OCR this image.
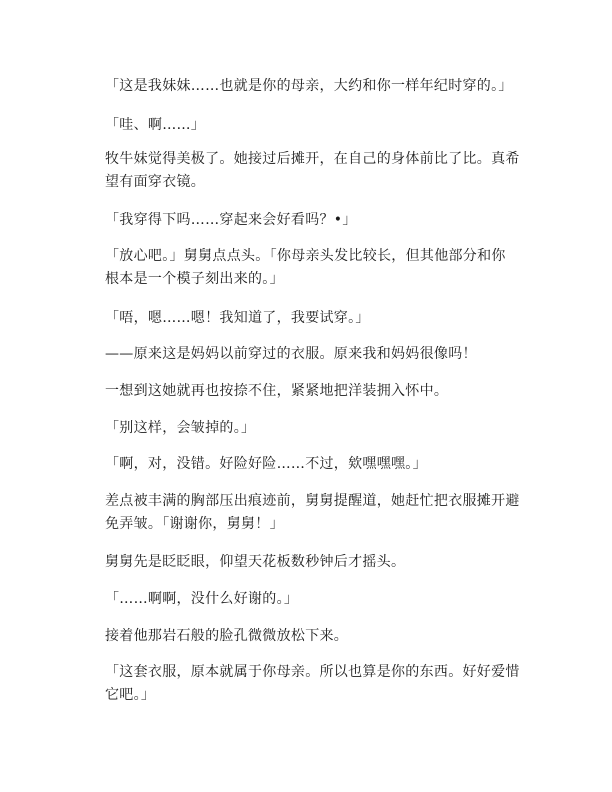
「这是我妹妹……也就是你的母亲，大约和你一样年纪时穿的。」
「哇、啊……」
牧牛妹觉得美极了。她接过后摊开，在自己的身体前比了比。真希
望有面穿衣镜。
「我穿得下吗……穿起来会好看吗？•」
「放心吧。」舅舅点点头。「你母亲头发比较长，但其他部分和你
根本是一个模子刻出来的。」
「唔，嗯……嗯！我知道了，我要试穿。」
——原来这是妈妈以前穿过的衣服。原来我和妈妈很像吗！
一想到这她就再也按捺不住，紧紧地把洋装拥入怀中。
「别这样，会皱掉的。」
「啊，对，没错。好险好险……不过，欸嘿嘿嘿。」
差点被丰满的胸部压出痕迹前，舅舅提醒道，她赶忙把衣服摊开避
免弄皱。「谢谢你，舅舅！」
舅舅先是眨眨眼，仰望天花板数秒钟后才摇头。
「……啊啊，没什么好谢的。」
接着他那岩石般的脸孔微微放松下来。
「这套衣服，原本就属于你母亲。所以也算是你的东西。好好爱惜
它吧。」
